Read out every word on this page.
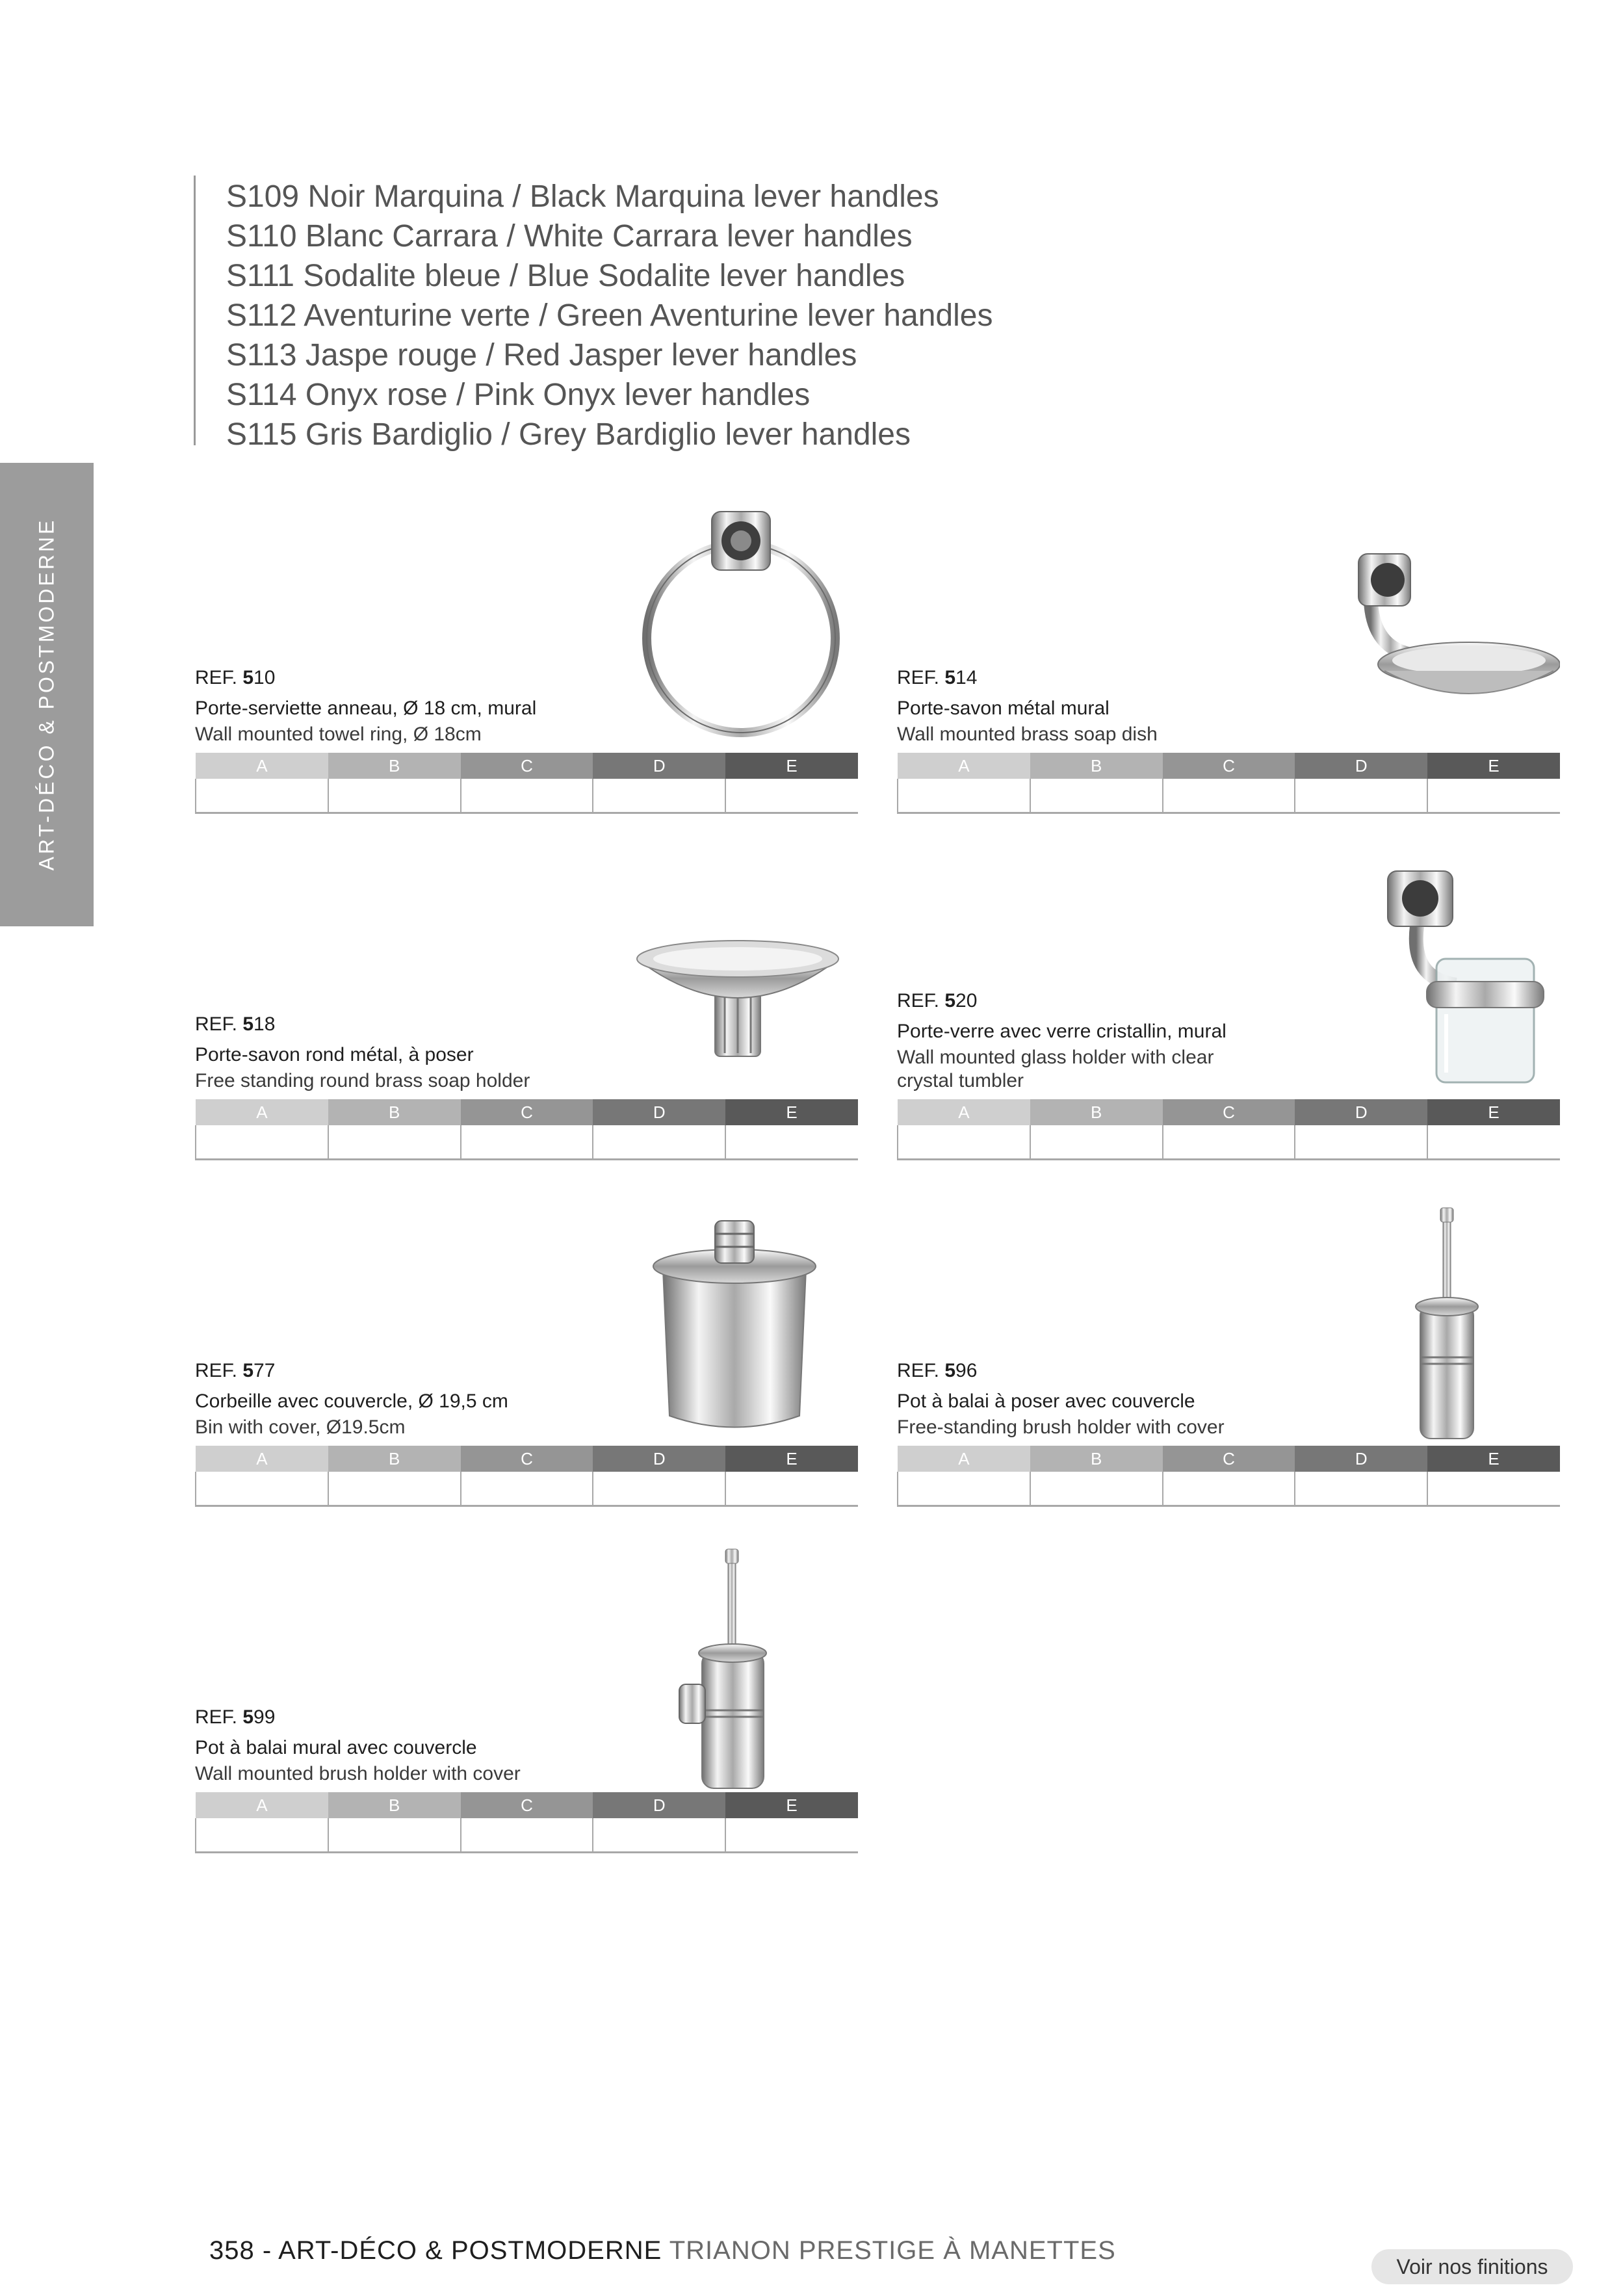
ART-DÉCO & POSTMODERNE
S109 Noir Marquina / Black Marquina lever handles
S110 Blanc Carrara / White Carrara lever handles
S111 Sodalite bleue / Blue Sodalite lever handles
S112 Aventurine verte / Green Aventurine lever handles
S113 Jaspe rouge / Red Jasper lever handles
S114 Onyx rose / Pink Onyx lever handles
S115 Gris Bardiglio / Grey Bardiglio lever handles

REF. 510

Porte-serviette anneau, Ø 18 cm, mural

Wall mounted towel ring, Ø 18cm

A	B	C	D	E

REF. 514

Porte-savon métal mural

Wall mounted brass soap dish

A	B	C	D	E

REF. 518

Porte-savon rond métal, à poser

Free standing round brass soap holder

A	B	C	D	E

REF. 520

Porte-verre avec verre cristallin, mural

Wall mounted glass holder with clear crystal tumbler

A	B	C	D	E

REF. 577

Corbeille avec couvercle, Ø 19,5 cm

Bin with cover, Ø19.5cm

A	B	C	D	E

REF. 596

Pot à balai à poser avec couvercle

Free-standing brush holder with cover

A	B	C	D	E

REF. 599

Pot à balai mural avec couvercle

Wall mounted brush holder with cover

A	B	C	D	E

358 - ART-DÉCO & POSTMODERNE TRIANON PRESTIGE À MANETTES
Voir nos finitions
